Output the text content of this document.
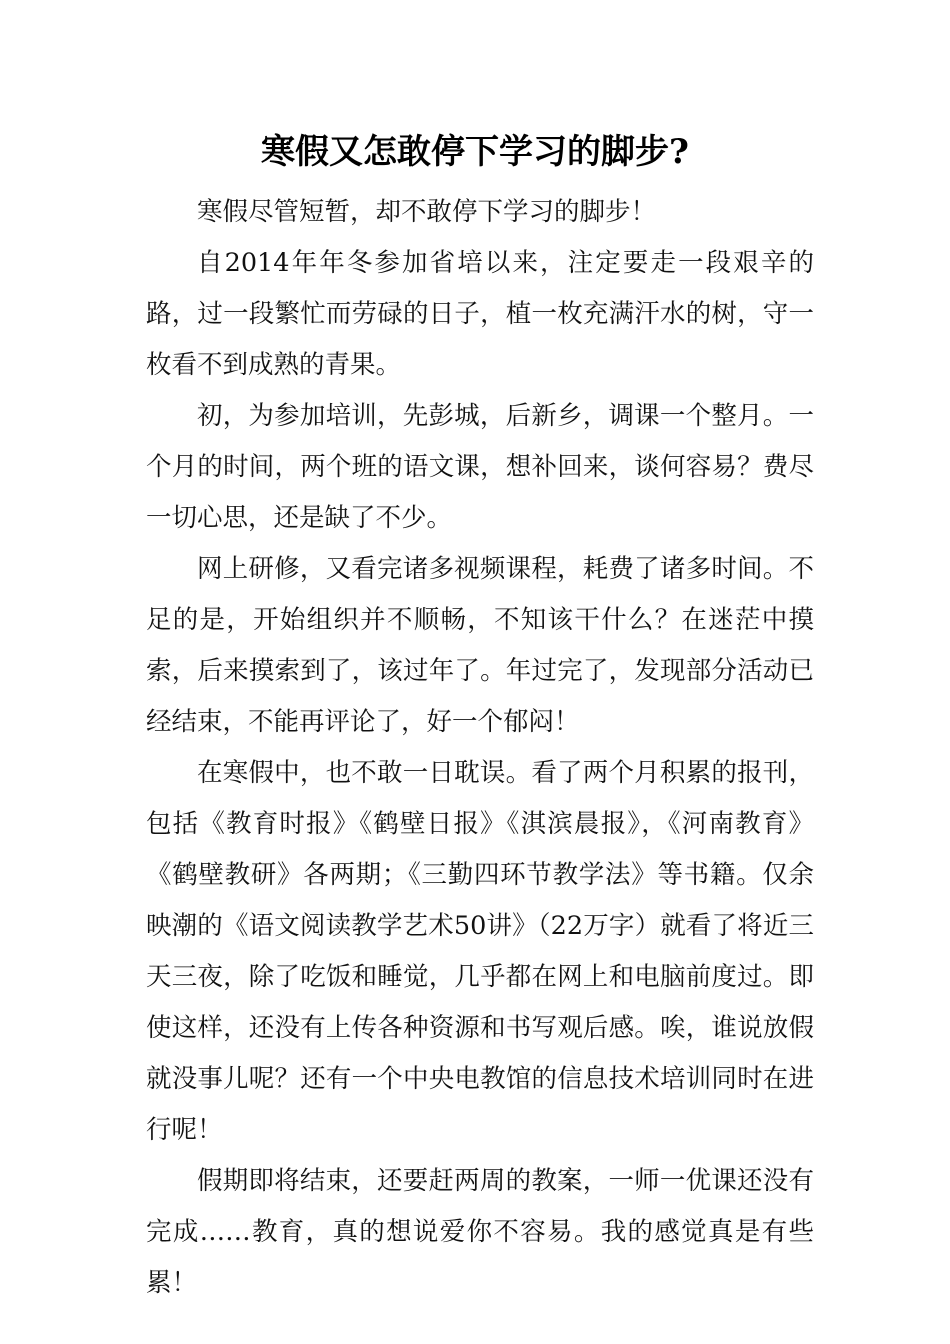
寒假又怎敢停下学习的脚步?

寒假尽管短暂，却不敢停下学习的脚步！

自2014年年冬参加省培以来，注定要走一段艰辛的路，过一段繁忙而劳碌的日子，植一枚充满汗水的树，守一枚看不到成熟的青果。

初，为参加培训，先彭城，后新乡，调课一个整月。一个月的时间，两个班的语文课，想补回来，谈何容易？费尽一切心思，还是缺了不少。

网上研修，又看完诸多视频课程，耗费了诸多时间。不足的是，开始组织并不顺畅，不知该干什么？在迷茫中摸索，后来摸索到了，该过年了。年过完了，发现部分活动已经结束，不能再评论了，好一个郁闷！

在寒假中，也不敢一日耽误。看了两个月积累的报刊，包括《教育时报》《鹤壁日报》《淇滨晨报》，《河南教育》《鹤壁教研》各两期；《三勤四环节教学法》等书籍。仅余映潮的《语文阅读教学艺术50讲》（22万字）就看了将近三天三夜，除了吃饭和睡觉，几乎都在网上和电脑前度过。即使这样，还没有上传各种资源和书写观后感。唉，谁说放假就没事儿呢？还有一个中央电教馆的信息技术培训同时在进行呢！

假期即将结束，还要赶两周的教案，一师一优课还没有完成……教育，真的想说爱你不容易。我的感觉真是有些累！
